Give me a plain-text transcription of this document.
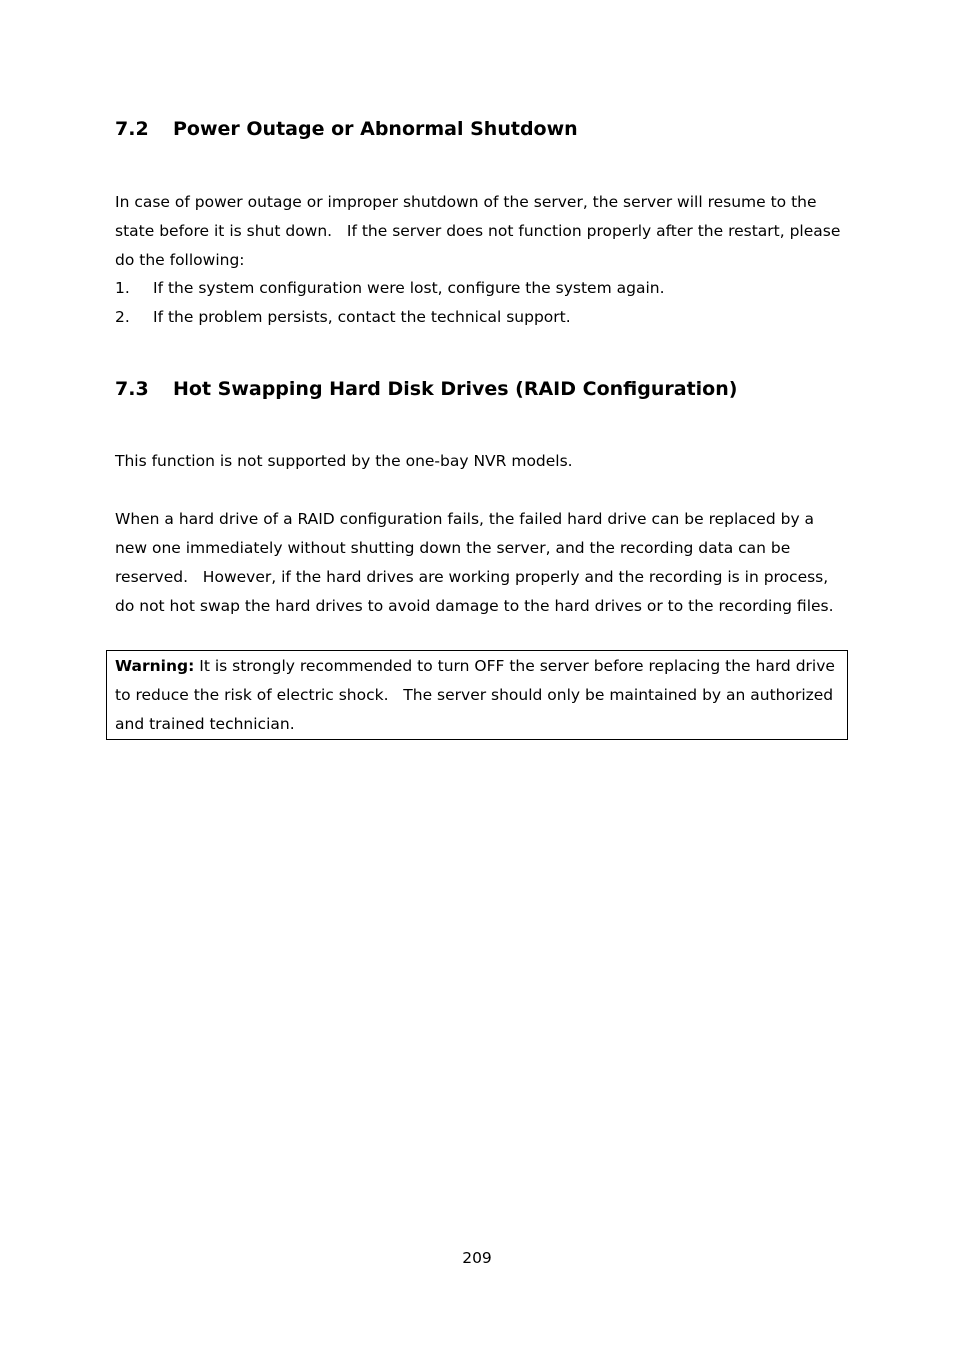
7.2 Power Outage or Abnormal Shutdown

In case of power outage or improper shutdown of the server, the server will resume to the state before it is shut down.   If the server does not function properly after the restart, please do the following:

1. If the system configuration were lost, configure the system again.
2. If the problem persists, contact the technical support.
7.3 Hot Swapping Hard Disk Drives (RAID Configuration)

This function is not supported by the one-bay NVR models.

When a hard drive of a RAID configuration fails, the failed hard drive can be replaced by a new one immediately without shutting down the server, and the recording data can be reserved.   However, if the hard drives are working properly and the recording is in process, do not hot swap the hard drives to avoid damage to the hard drives or to the recording files.

Warning: It is strongly recommended to turn OFF the server before replacing the hard drive to reduce the risk of electric shock.   The server should only be maintained by an authorized and trained technician.

209
